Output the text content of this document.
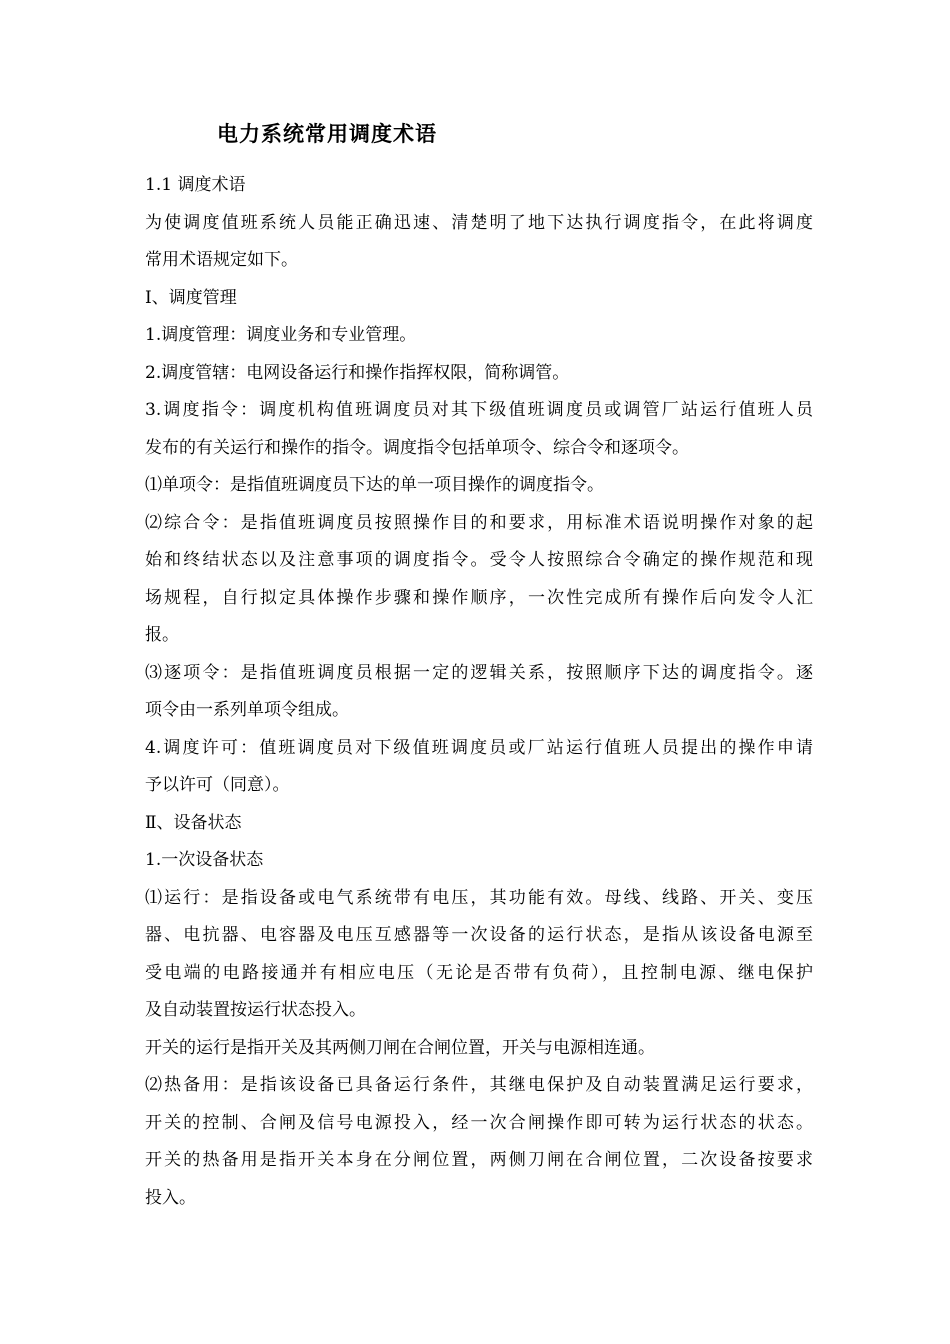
电力系统常用调度术语
1.1 调度术语
为使调度值班系统人员能正确迅速、清楚明了地下达执行调度指令，在此将调度
常用术语规定如下。
Ⅰ、调度管理
1.调度管理：调度业务和专业管理。
2.调度管辖：电网设备运行和操作指挥权限，简称调管。
3.调度指令：调度机构值班调度员对其下级值班调度员或调管厂站运行值班人员
发布的有关运行和操作的指令。调度指令包括单项令、综合令和逐项令。
⑴单项令：是指值班调度员下达的单一项目操作的调度指令。
⑵综合令：是指值班调度员按照操作目的和要求，用标准术语说明操作对象的起
始和终结状态以及注意事项的调度指令。受令人按照综合令确定的操作规范和现
场规程，自行拟定具体操作步骤和操作顺序，一次性完成所有操作后向发令人汇
报。
⑶逐项令：是指值班调度员根据一定的逻辑关系，按照顺序下达的调度指令。逐
项令由一系列单项令组成。
4.调度许可：值班调度员对下级值班调度员或厂站运行值班人员提出的操作申请
予以许可（同意）。
Ⅱ、设备状态
1.一次设备状态
⑴运行：是指设备或电气系统带有电压，其功能有效。母线、线路、开关、变压
器、电抗器、电容器及电压互感器等一次设备的运行状态，是指从该设备电源至
受电端的电路接通并有相应电压（无论是否带有负荷），且控制电源、继电保护
及自动装置按运行状态投入。
开关的运行是指开关及其两侧刀闸在合闸位置，开关与电源相连通。
⑵热备用：是指该设备已具备运行条件，其继电保护及自动装置满足运行要求，
开关的控制、合闸及信号电源投入，经一次合闸操作即可转为运行状态的状态。
开关的热备用是指开关本身在分闸位置，两侧刀闸在合闸位置，二次设备按要求
投入。
